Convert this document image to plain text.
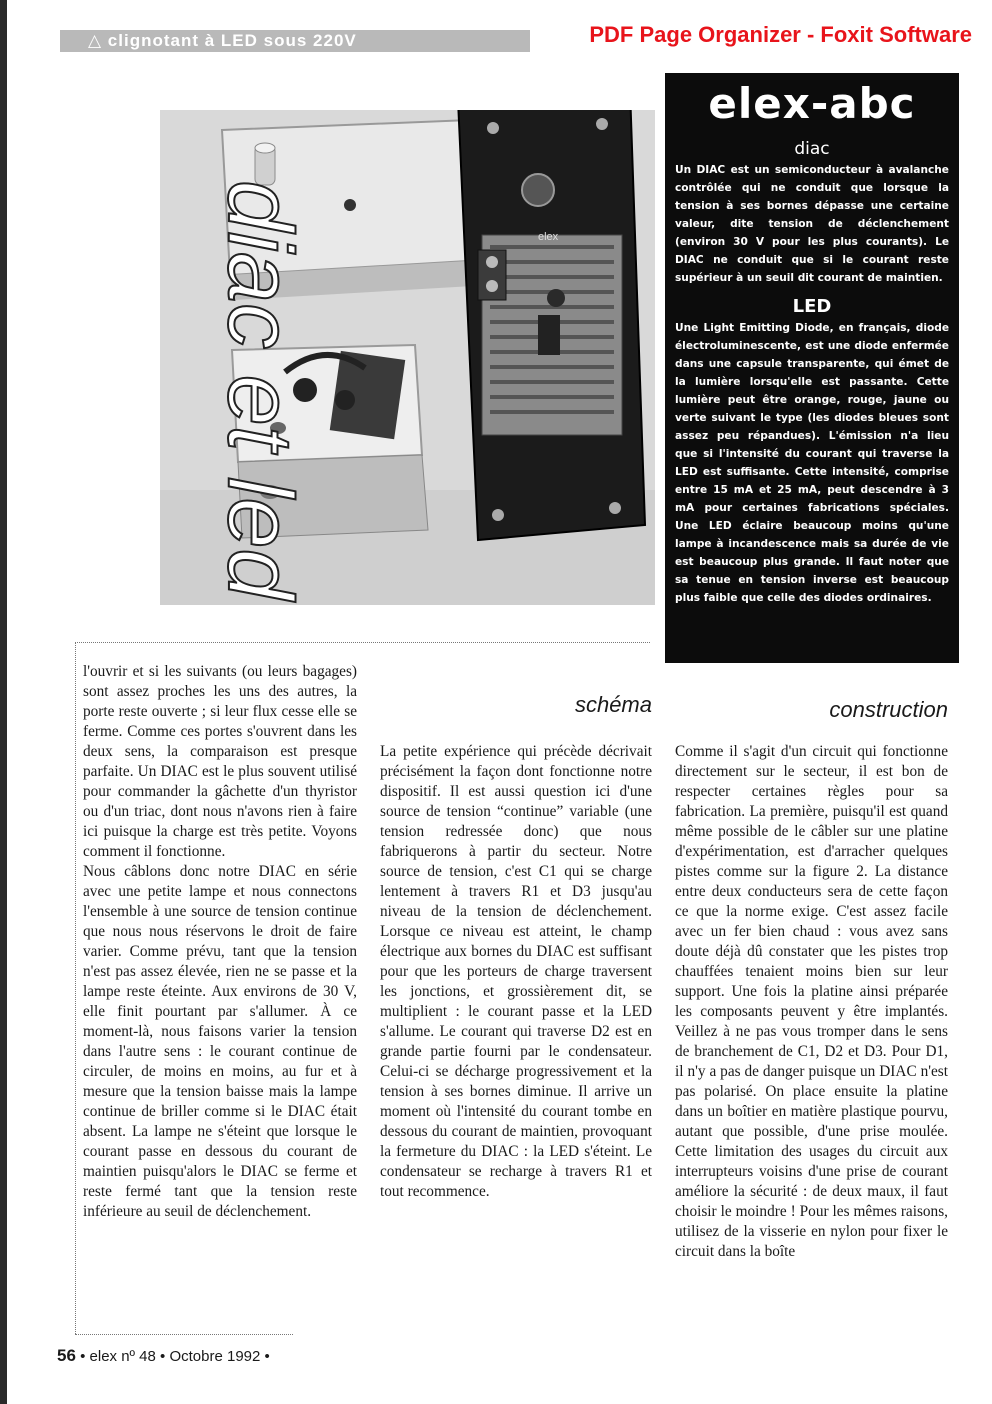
△ clignotant à LED sous 220V	PDF Page Organizer - Foxit Software
elex
diac et led
elex-abc
diac

Un DIAC est un semiconducteur à avalanche contrôlée qui ne conduit que lorsque la tension à ses bornes dépasse une certaine valeur, dite tension de déclenchement (environ 30 V pour les plus courants). Le DIAC ne conduit que si le courant reste supérieur à un seuil dit courant de maintien.

LED

Une Light Emitting Diode, en français, diode électroluminescente, est une diode enfermée dans une capsule transparente, qui émet de la lumière lorsqu'elle est passante. Cette lumière peut être orange, rouge, jaune ou verte suivant le type (les diodes bleues sont assez peu répandues). L'émission n'a lieu que si l'intensité du courant qui traverse la LED est suffisante. Cette intensité, comprise entre 15 mA et 25 mA, peut descendre à 3 mA pour certaines fabrications spéciales. Une LED éclaire beaucoup moins qu'une lampe à incandescence mais sa durée de vie est beaucoup plus grande. Il faut noter que sa tenue en tension inverse est beaucoup plus faible que celle des diodes ordinaires.

l'ouvrir et si les suivants (ou leurs bagages) sont assez proches les uns des autres, la porte reste ouverte ; si leur flux cesse elle se ferme. Comme ces portes s'ouvrent dans les deux sens, la comparaison est presque parfaite. Un DIAC est le plus souvent utilisé pour commander la gâchette d'un thyristor ou d'un triac, dont nous n'avons rien à faire ici puisque la charge est très petite. Voyons comment il fonctionne.

Nous câblons donc notre DIAC en série avec une petite lampe et nous connectons l'ensemble à une source de tension continue que nous nous réservons le droit de faire varier. Comme prévu, tant que la tension n'est pas assez élevée, rien ne se passe et la lampe reste éteinte. Aux environs de 30 V, elle finit pourtant par s'allumer. À ce moment-là, nous faisons varier la tension dans l'autre sens : le courant continue de circuler, de moins en moins, au fur et à mesure que la tension baisse mais la lampe continue de briller comme si le DIAC était absent. La lampe ne s'éteint que lorsque le courant passe en dessous du courant de maintien puisqu'alors le DIAC se ferme et reste fermé tant que la tension reste inférieure au seuil de déclenchement.

schéma

La petite expérience qui précède décrivait précisément la façon dont fonctionne notre dispositif. Il est aussi question ici d'une source de tension “continue” variable (une tension redressée donc) que nous fabriquerons à partir du secteur. Notre source de tension, c'est C1 qui se charge lentement à travers R1 et D3 jusqu'au niveau de la tension de déclenchement. Lorsque ce niveau est atteint, le champ électrique aux bornes du DIAC est suffisant pour que les porteurs de charge traversent les jonctions, et grossièrement dit, se multiplient : le courant passe et la LED s'allume. Le courant qui traverse D2 est en grande partie fourni par le condensateur. Celui-ci se décharge progressivement et la tension à ses bornes diminue. Il arrive un moment où l'intensité du courant tombe en dessous du courant de maintien, provoquant la fermeture du DIAC : la LED s'éteint. Le condensateur se recharge à travers R1 et tout recommence.

construction

Comme il s'agit d'un circuit qui fonctionne directement sur le secteur, il est bon de respecter certaines règles pour sa fabrication. La première, puisqu'il est quand même possible de le câbler sur une platine d'expérimentation, est d'arracher quelques pistes comme sur la figure 2. La distance entre deux conducteurs sera de cette façon ce que la norme exige. C'est assez facile avec un fer bien chaud : vous avez sans doute déjà dû constater que les pistes trop chauffées tenaient moins bien sur leur support. Une fois la platine ainsi préparée les composants peuvent y être implantés. Veillez à ne pas vous tromper dans le sens de branchement de C1, D2 et D3. Pour D1, il n'y a pas de danger puisque un DIAC n'est pas polarisé. On place ensuite la platine dans un boîtier en matière plastique pourvu, autant que possible, d'une prise moulée. Cette limitation des usages du circuit aux interrupteurs voisins d'une prise de courant améliore la sécurité : de deux maux, il faut choisir le moindre ! Pour les mêmes raisons, utilisez de la visserie en nylon pour fixer le circuit dans la boîte

56 • elex nº 48 • Octobre 1992 •
